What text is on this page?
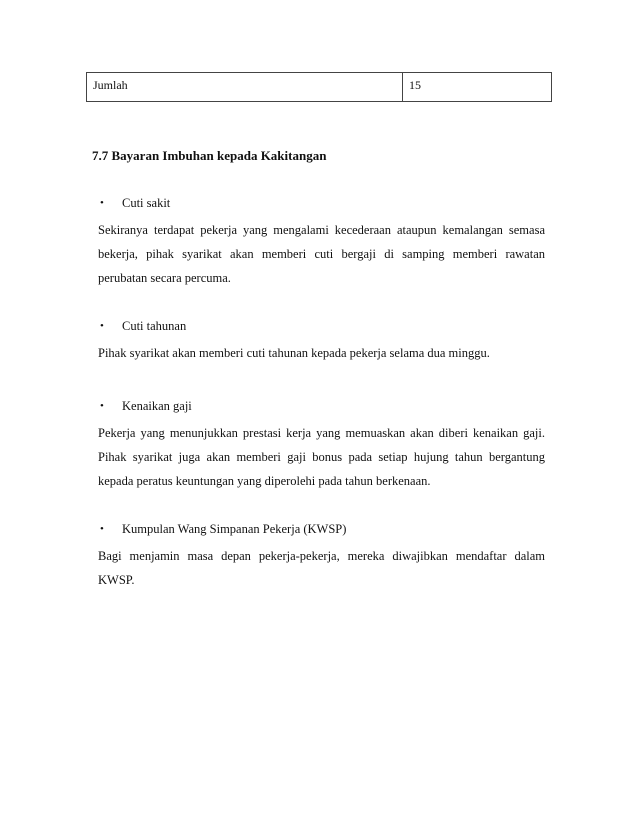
Jumlah	15
7.7 Bayaran Imbuhan kepada Kakitangan
• Cuti sakit
Sekiranya terdapat pekerja yang mengalami kecederaan ataupun kemalangan semasa
bekerja, pihak syarikat akan memberi cuti bergaji di samping memberi rawatan
perubatan secara percuma.
• Cuti tahunan
Pihak syarikat akan memberi cuti tahunan kepada pekerja selama dua minggu.
• Kenaikan gaji
Pekerja yang menunjukkan prestasi kerja yang memuaskan akan diberi kenaikan gaji.
Pihak syarikat juga akan memberi gaji bonus pada setiap hujung tahun bergantung
kepada peratus keuntungan yang diperolehi pada tahun berkenaan.
• Kumpulan Wang Simpanan Pekerja (KWSP)
Bagi menjamin masa depan pekerja-pekerja, mereka diwajibkan mendaftar dalam
KWSP.
